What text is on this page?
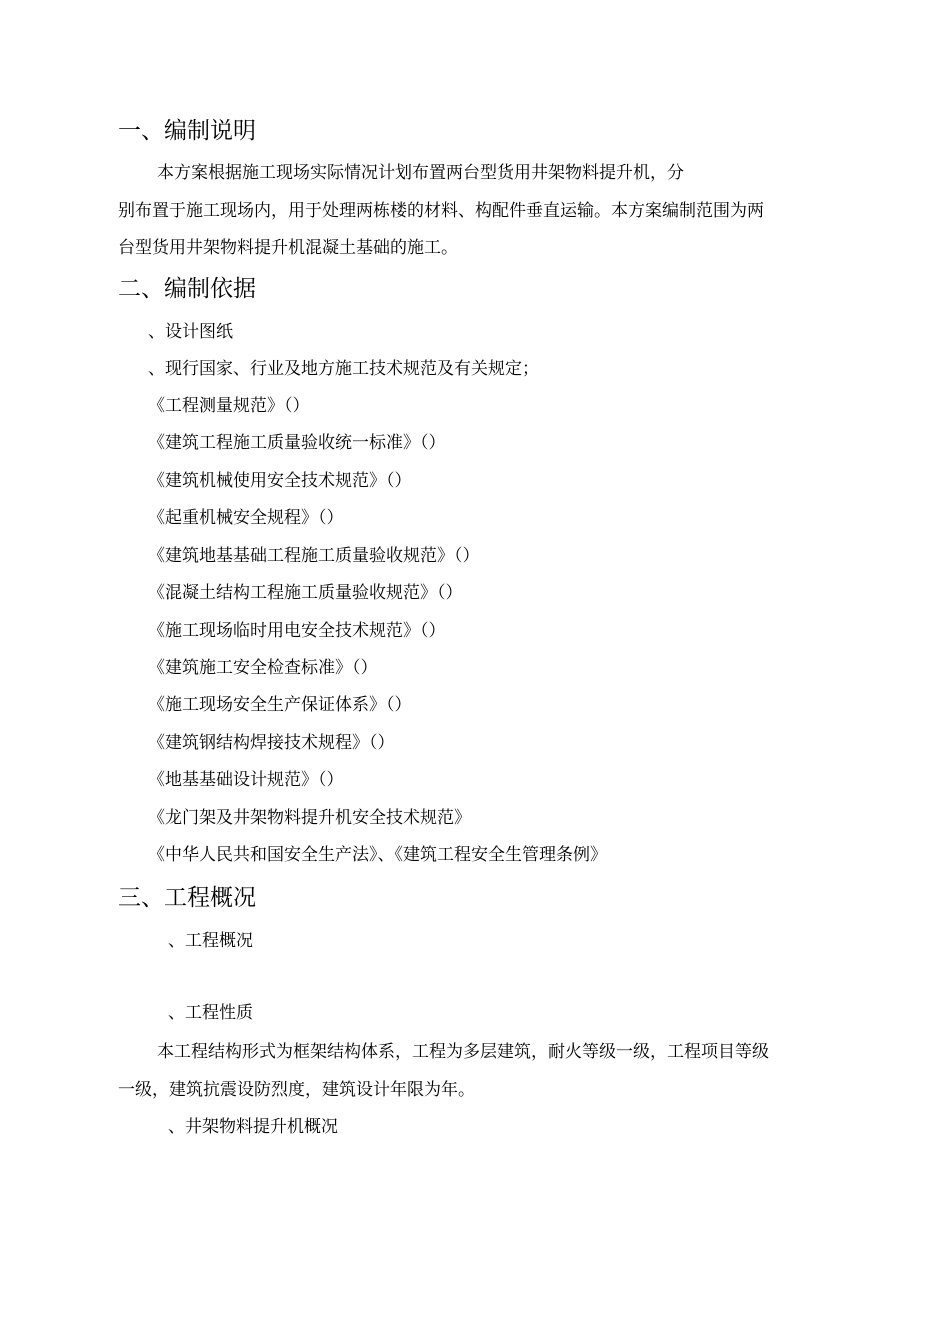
一、编制说明
本方案根据施工现场实际情况计划布置两台型货用井架物料提升机，分
别布置于施工现场内，用于处理两栋楼的材料、构配件垂直运输。本方案编制范围为两
台型货用井架物料提升机混凝土基础的施工。
二、编制依据
、设计图纸
、现行国家、行业及地方施工技术规范及有关规定；
《工程测量规范》（）
《建筑工程施工质量验收统一标准》（）
《建筑机械使用安全技术规范》（）
《起重机械安全规程》（）
《建筑地基基础工程施工质量验收规范》（）
《混凝土结构工程施工质量验收规范》（）
《施工现场临时用电安全技术规范》（）
《建筑施工安全检查标准》（）
《施工现场安全生产保证体系》（）
《建筑钢结构焊接技术规程》（）
《地基基础设计规范》（）
《龙门架及井架物料提升机安全技术规范》
《中华人民共和国安全生产法》、《建筑工程安全生管理条例》
三、工程概况
、工程概况
、工程性质
本工程结构形式为框架结构体系，工程为多层建筑，耐火等级一级，工程项目等级
一级，建筑抗震设防烈度，建筑设计年限为年。
、井架物料提升机概况
